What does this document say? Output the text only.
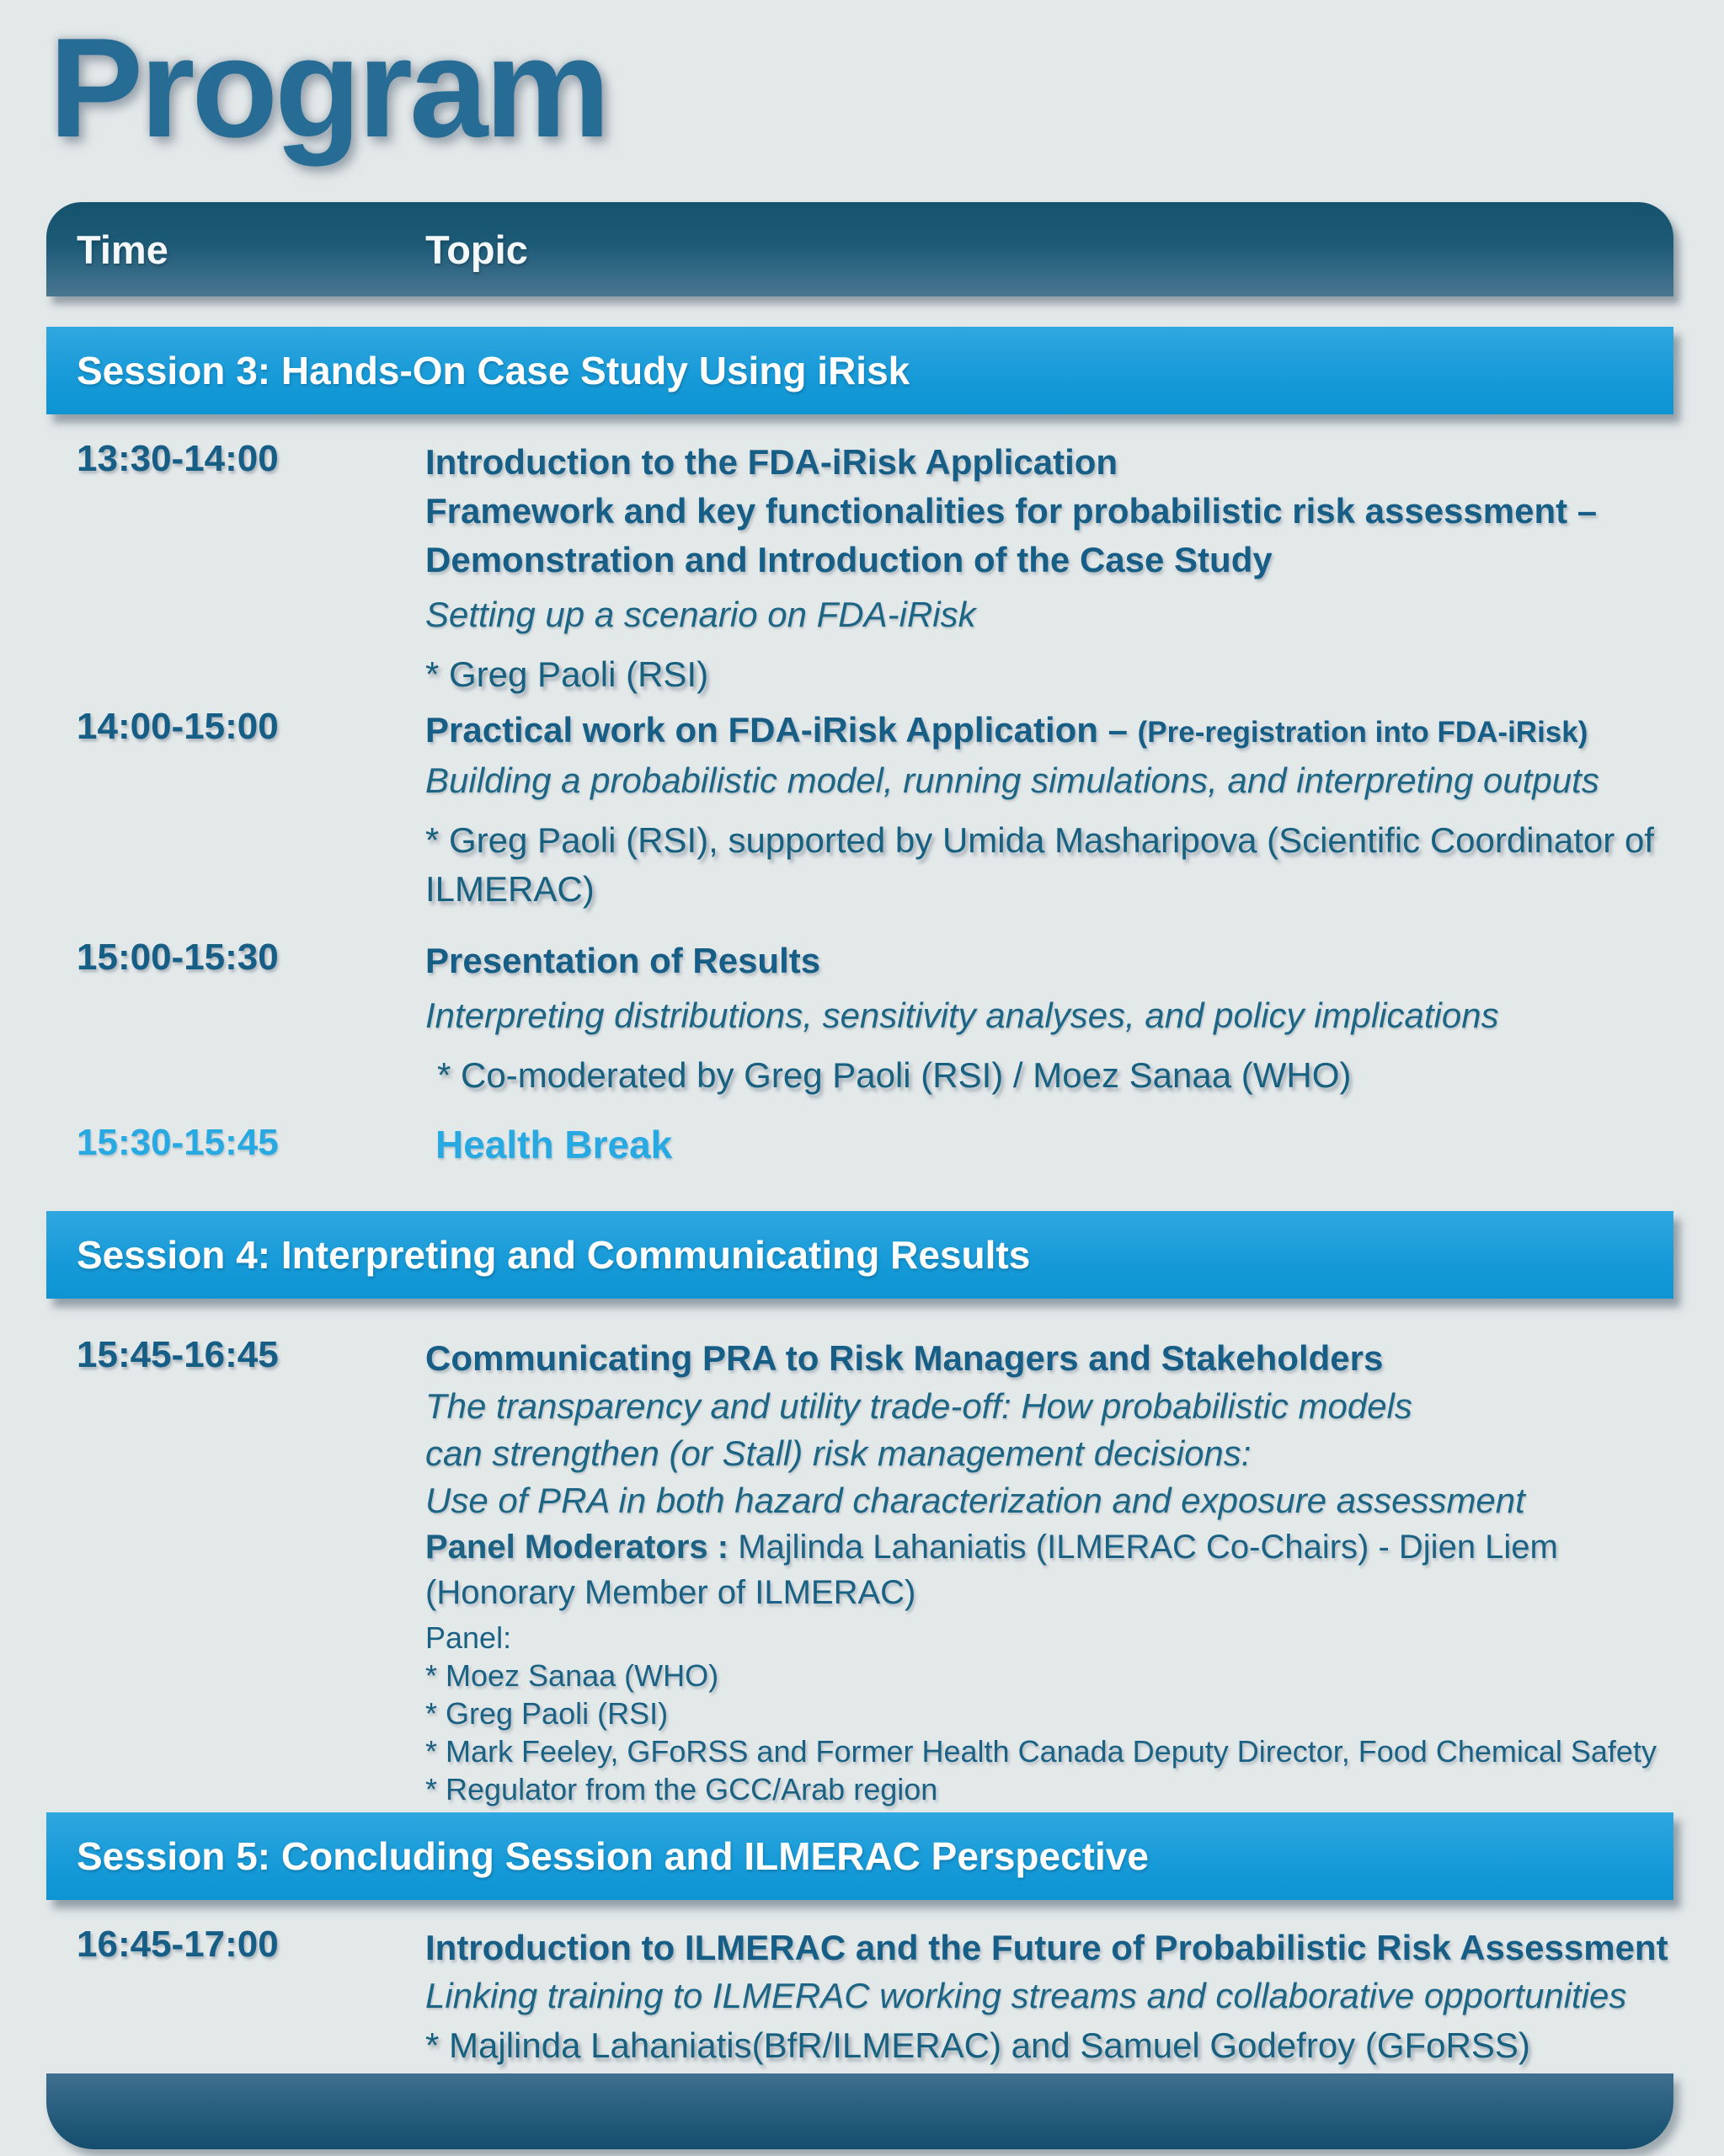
Program
Time	Topic
Session 3: Hands-On Case Study Using iRisk
13:30-14:00	Introduction to the FDA-iRisk Application
Framework and key functionalities for probabilistic risk assessment –
Demonstration and Introduction of the Case Study
Setting up a scenario on FDA-iRisk
* Greg Paoli (RSI)
14:00-15:00	Practical work on FDA-iRisk Application – (Pre-registration into FDA-iRisk)
Building a probabilistic model, running simulations, and interpreting outputs
* Greg Paoli (RSI), supported by Umida Masharipova (Scientific Coordinator of ILMERAC)
15:00-15:30	Presentation of Results
Interpreting distributions, sensitivity analyses, and policy implications
* Co-moderated by Greg Paoli (RSI) / Moez Sanaa (WHO)
15:30-15:45	Health Break
Session 4: Interpreting and Communicating Results
15:45-16:45	Communicating PRA to Risk Managers and Stakeholders
The transparency and utility trade-off: How probabilistic models
can strengthen (or Stall) risk management decisions:
Use of PRA in both hazard characterization and exposure assessment
Panel Moderators : Majlinda Lahaniatis (ILMERAC Co-Chairs) - Djien Liem
(Honorary Member of ILMERAC)
Panel:
* Moez Sanaa (WHO)
* Greg Paoli (RSI)
* Mark Feeley, GFoRSS and Former Health Canada Deputy Director, Food Chemical Safety
* Regulator from the GCC/Arab region
Session 5: Concluding Session and ILMERAC Perspective
16:45-17:00	Introduction to ILMERAC and the Future of Probabilistic Risk Assessment
Linking training to ILMERAC working streams and collaborative opportunities
* Majlinda Lahaniatis(BfR/ILMERAC) and Samuel Godefroy (GFoRSS)
